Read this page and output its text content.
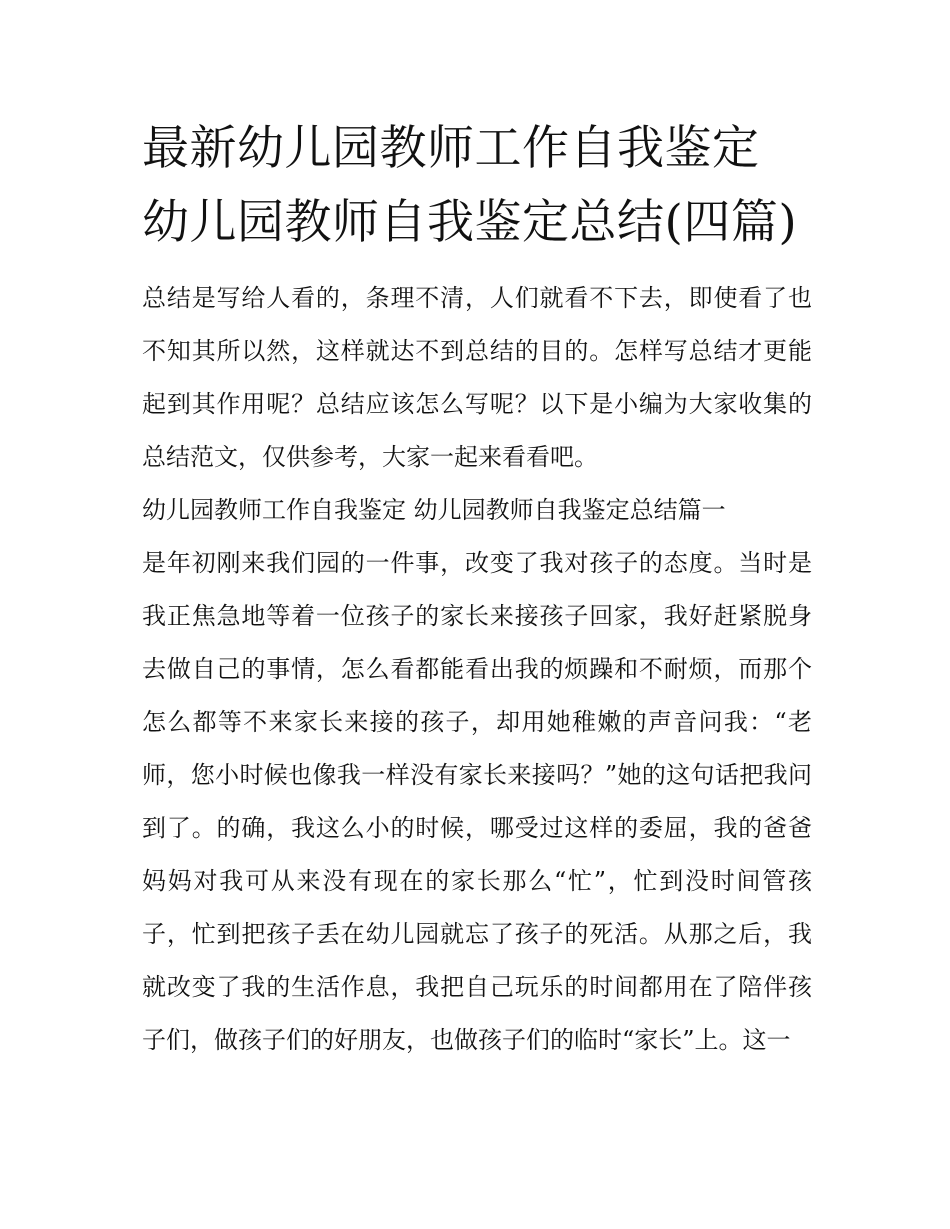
最新幼儿园教师工作自我鉴定 幼儿园教师自我鉴定总结(四篇)

总结是写给人看的，条理不清，人们就看不下去，即使看了也不知其所以然，这样就达不到总结的目的。怎样写总结才更能起到其作用呢？总结应该怎么写呢？以下是小编为大家收集的总结范文，仅供参考，大家一起来看看吧。

幼儿园教师工作自我鉴定 幼儿园教师自我鉴定总结篇一

是年初刚来我们园的一件事，改变了我对孩子的态度。当时是我正焦急地等着一位孩子的家长来接孩子回家，我好赶紧脱身去做自己的事情，怎么看都能看出我的烦躁和不耐烦，而那个怎么都等不来家长来接的孩子，却用她稚嫩的声音问我：“老师，您小时候也像我一样没有家长来接吗？”她的这句话把我问到了。的确，我这么小的时候，哪受过这样的委屈，我的爸爸妈妈对我可从来没有现在的家长那么“忙”，忙到没时间管孩子，忙到把孩子丢在幼儿园就忘了孩子的死活。从那之后，我就改变了我的生活作息，我把自己玩乐的时间都用在了陪伴孩子们，做孩子们的好朋友，也做孩子们的临时“家长”上。这一
